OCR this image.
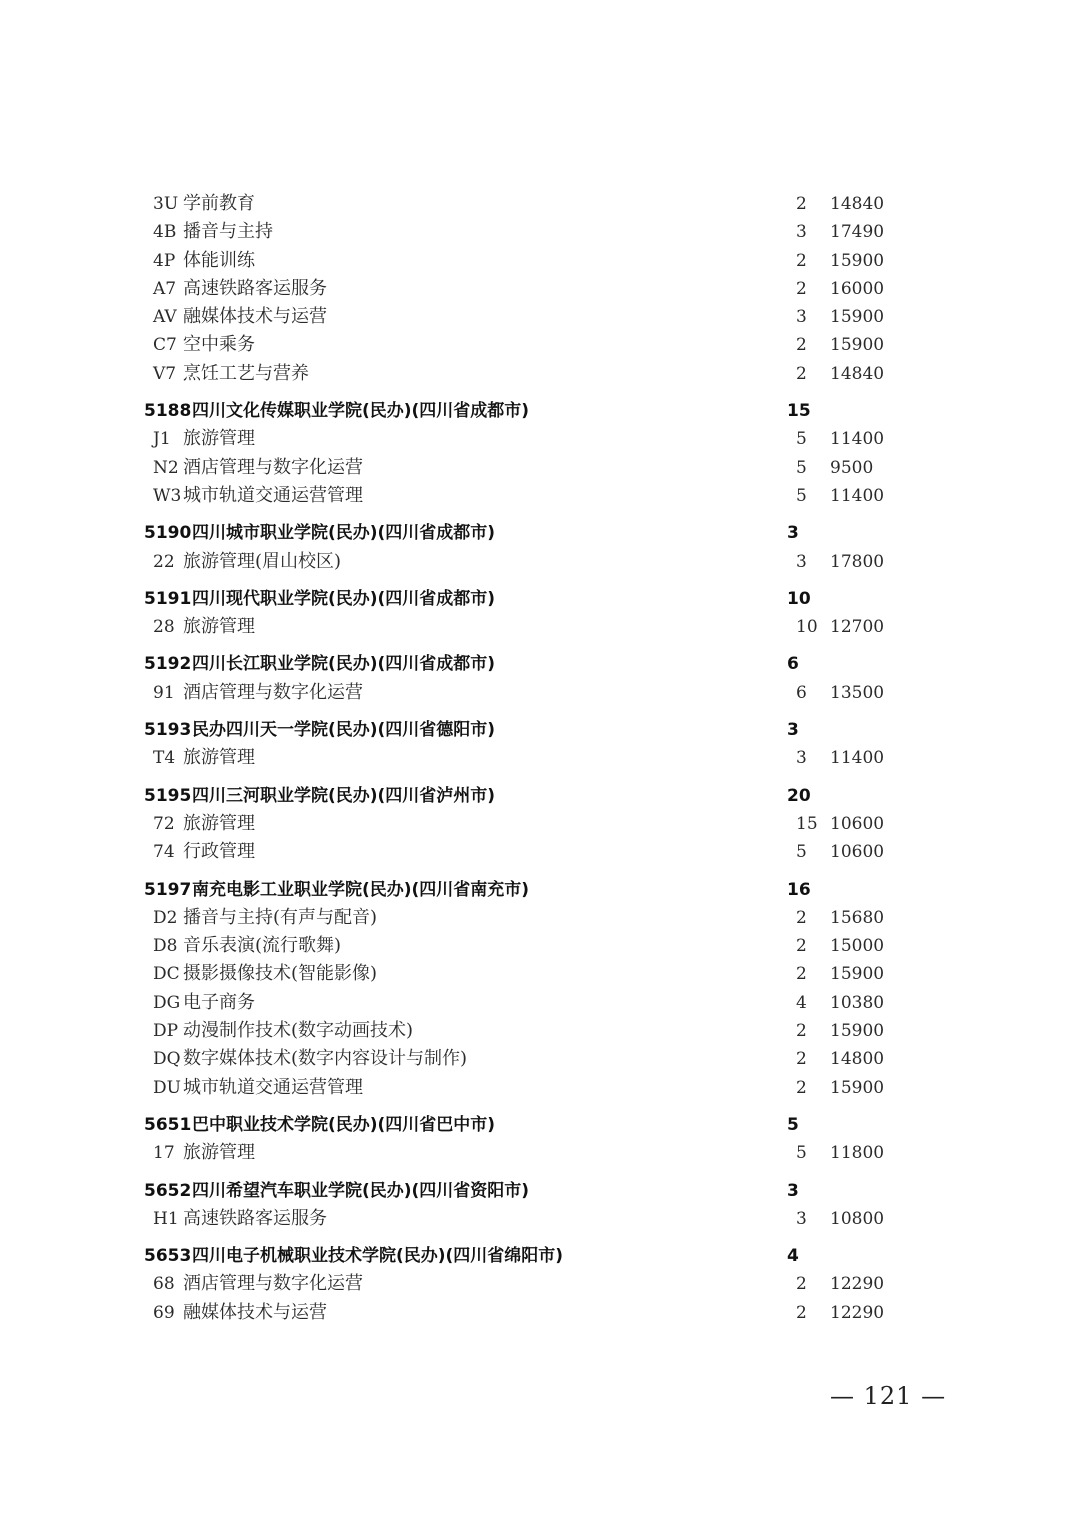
3U 学前教育	2 14840
4B 播音与主持	3 17490
4P 体能训练	2 15900
A7 高速铁路客运服务	2 16000
AV 融媒体技术与运营	3 15900
C7 空中乘务	2 15900
V7 烹饪工艺与营养	2 14840
5188 四川文化传媒职业学院(民办)(四川省成都市)	15
J1 旅游管理	5 11400
N2 酒店管理与数字化运营	5 9500
W3 城市轨道交通运营管理	5 11400
5190 四川城市职业学院(民办)(四川省成都市)	3
22 旅游管理(眉山校区)	3 17800
5191 四川现代职业学院(民办)(四川省成都市)	10
28 旅游管理	10 12700
5192 四川长江职业学院(民办)(四川省成都市)	6
91 酒店管理与数字化运营	6 13500
5193 民办四川天一学院(民办)(四川省德阳市)	3
T4 旅游管理	3 11400
5195 四川三河职业学院(民办)(四川省泸州市)	20
72 旅游管理	15 10600
74 行政管理	5 10600
5197 南充电影工业职业学院(民办)(四川省南充市)	16
D2 播音与主持(有声与配音)	2 15680
D8 音乐表演(流行歌舞)	2 15000
DC 摄影摄像技术(智能影像)	2 15900
DG 电子商务	4 10380
DP 动漫制作技术(数字动画技术)	2 15900
DQ 数字媒体技术(数字内容设计与制作)	2 14800
DU 城市轨道交通运营管理	2 15900
5651 巴中职业技术学院(民办)(四川省巴中市)	5
17 旅游管理	5 11800
5652 四川希望汽车职业学院(民办)(四川省资阳市)	3
H1 高速铁路客运服务	3 10800
5653 四川电子机械职业技术学院(民办)(四川省绵阳市)	4
68 酒店管理与数字化运营	2 12290
69 融媒体技术与运营	2 12290
— 121 —
